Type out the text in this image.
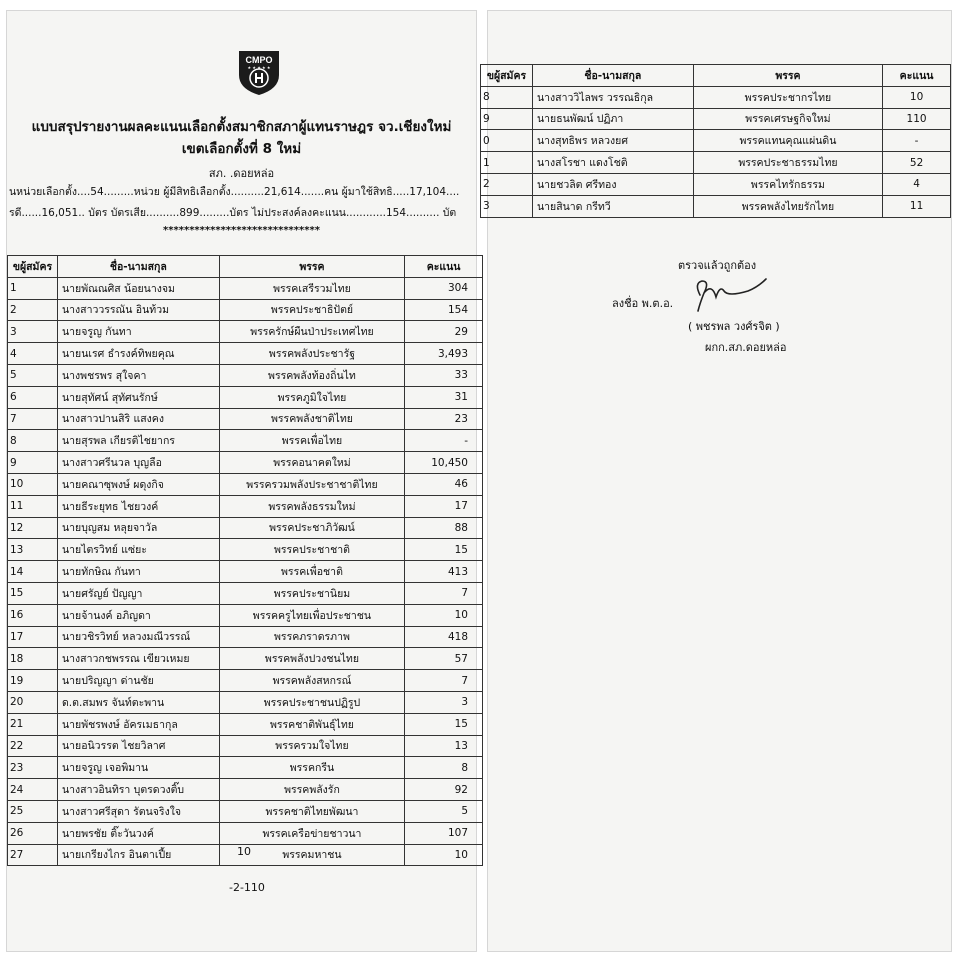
CMPO
★ ★ ★ ★ ★
แบบสรุปรายงานผลคะแนนเลือกตั้งสมาชิกสภาผู้แทนราษฎร จว.เชียงใหม่
เขตเลือกตั้งที่ 8 ใหม่
สภ. .ดอยหล่อ
นหน่วยเลือกตั้ง....54.........หน่วย ผู้มีสิทธิเลือกตั้ง..........21,614.......คน ผู้มาใช้สิทธิ.....17,104....
รดี......16,051.. บัตร บัตรเสีย..........899.........บัตร ไม่ประสงค์ลงคะแนน............154.......... บัต
******************************
ขผู้สมัคร	ชื่อ-นามสกุล	พรรค	คะแนน
1	นายพัณณศิส น้อยนางจม	พรรคเสรีรวมไทย	304
2	นางสาววรรณัน อินท้วม	พรรคประชาธิปัตย์	154
3	นายจรูญ กันทา	พรรครักษ์ผืนป่าประเทศไทย	29
4	นายนเรศ ธำรงค์ทิพยคุณ	พรรคพลังประชารัฐ	3,493
5	นางพชรพร สุใจคา	พรรคพลังท้องถิ่นไท	33
6	นายสุทัศน์ สุทัศนรักษ์	พรรคภูมิใจไทย	31
7	นางสาวปานสิริ แสงคง	พรรคพลังชาติไทย	23
8	นายสุรพล เกียรติไชยากร	พรรคเพื่อไทย	-
9	นางสาวศรีนวล บุญลือ	พรรคอนาคตใหม่	10,450
10	นายคณาซุพงษ์ ผดุงกิจ	พรรครวมพลังประชาชาติไทย	46
11	นายธีระยุทธ ไชยวงค์	พรรคพลังธรรมใหม่	17
12	นายบุญสม หลุยจาวัล	พรรคประชาภิวัฒน์	88
13	นายไตรวิทย์ แซ่ยะ	พรรคประชาชาติ	15
14	นายทักษิณ กันทา	พรรคเพื่อชาติ	413
15	นายศรัญย์ ปัญญา	พรรคประชานิยม	7
16	นายจ้านงค์ อภิญดา	พรรคครูไทยเพื่อประชาชน	10
17	นายวชิรวิทย์ หลวงมณีวรรณ์	พรรคภราดรภาพ	418
18	นางสาวกชพรรณ เขียวเหมย	พรรคพลังปวงชนไทย	57
19	นายปริญญา ด่านชัย	พรรคพลังสหกรณ์	7
20	ด.ต.สมพร จันท์ตะพาน	พรรคประชาชนปฏิรูป	3
21	นายพัชรพงษ์ อัครเมธากุล	พรรคชาติพันธุ์ไทย	15
22	นายอนิวรรต ไชยวิลาศ	พรรครวมใจไทย	13
23	นายจรูญ เจอพิมาน	พรรคกรีน	8
24	นางสาวอินทิรา บุตรดวงติ๊บ	พรรคพลังรัก	92
25	นางสาวศรีสุดา รัตนจริงใจ	พรรคชาติไทยพัฒนา	5
26	นายพรชัย ติ๊ะวันวงค์	พรรคเครือข่ายชาวนา	107
27	นายเกรียงไกร อินตาเปี้ย	พรรคมหาชน	10
10
-2-110
ขผู้สมัคร	ชื่อ-นามสกุล	พรรค	คะแนน
8	นางสาววิไลพร วรรณธิกุล	พรรคประชากรไทย	10
9	นายธนพัฒน์ ปฏิภา	พรรคเศรษฐกิจใหม่	110
0	นางสุทธิพร หลวงยศ	พรรคแทนคุณแผ่นดิน	-
1	นางสโรชา แดงโชติ	พรรคประชาธรรมไทย	52
2	นายชวลิต ศรีทอง	พรรคไทรักธรรม	4
3	นายสินาด กรีทวี	พรรคพลังไทยรักไทย	11
ตรวจแล้วถูกต้อง
ลงชื่อ พ.ต.อ.
( พชรพล วงศ์รจิต )
ผกก.สภ.ดอยหล่อ
